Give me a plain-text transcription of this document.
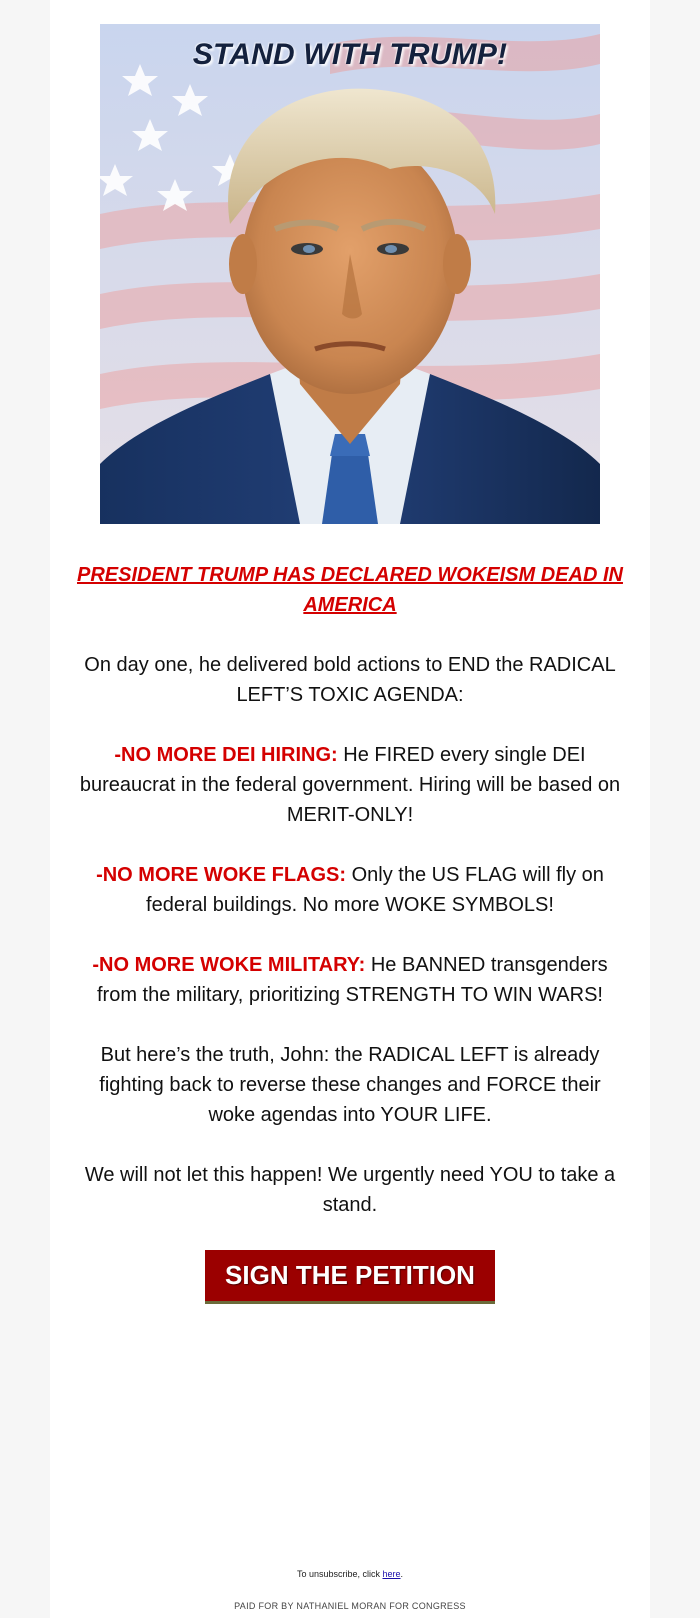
STAND WITH TRUMP!

PRESIDENT TRUMP HAS DECLARED WOKEISM DEAD IN AMERICA

On day one, he delivered bold actions to END the RADICAL LEFT’S TOXIC AGENDA:

-NO MORE DEI HIRING: He FIRED every single DEI bureaucrat in the federal government. Hiring will be based on MERIT-ONLY!

-NO MORE WOKE FLAGS: Only the US FLAG will fly on federal buildings. No more WOKE SYMBOLS!

-NO MORE WOKE MILITARY: He BANNED transgenders from the military, prioritizing STRENGTH TO WIN WARS!

But here’s the truth, John: the RADICAL LEFT is already fighting back to reverse these changes and FORCE their woke agendas into YOUR LIFE.

We will not let this happen! We urgently need YOU to take a stand.

SIGN THE PETITION
To unsubscribe, click here.
PAID FOR BY NATHANIEL MORAN FOR CONGRESS
